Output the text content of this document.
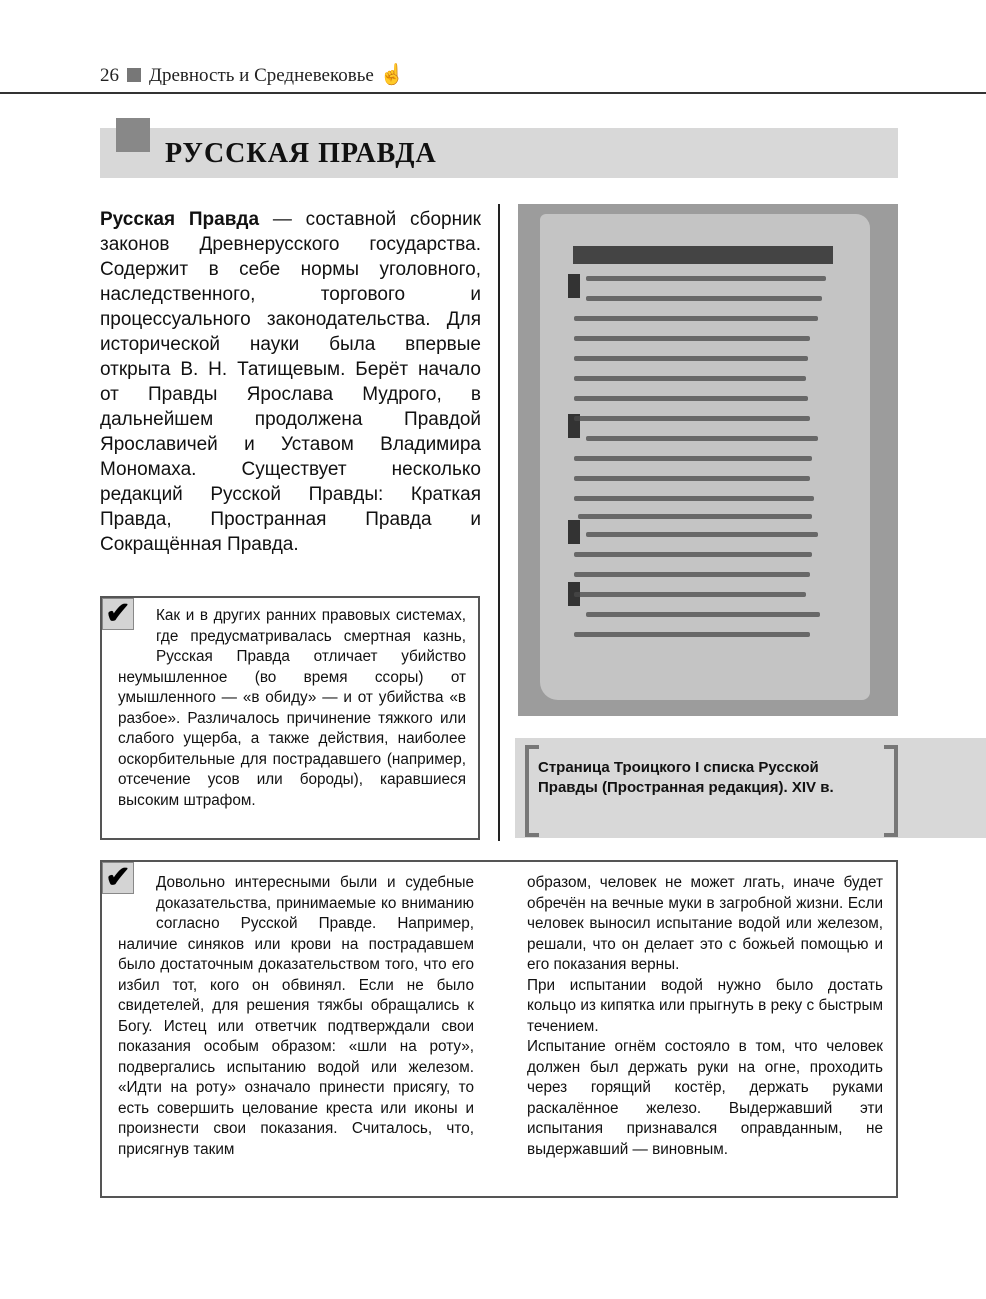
26 Древность и Средневековье ☝
РУССКАЯ ПРАВДА
Русская Правда — составной сборник законов Древнерусского государства. Содержит в себе нормы уголовного, наследственного, торгового и процессуального законодательства. Для исторической науки была впервые открыта В. Н. Татищевым. Берёт начало от Правды Ярослава Мудрого, в дальнейшем продолжена Правдой Ярославичей и Уставом Владимира Мономаха. Существует несколько редакций Русской Правды: Краткая Правда, Пространная Правда и Сокращённая Правда.
Страница Троицкого I списка Русской Правды (Пространная редакция). XIV в.
✔	Как и в других ранних правовых системах, где предусматривалась смертная казнь, Русская Правда отличает убийство неумышленное (во время ссоры) от умышленного — «в обиду» — и от убийства «в разбое». Различалось причинение тяжкого или слабого ущерба, а также действия, наиболее оскорбительные для пострадавшего (например, отсечение усов или бороды), каравшиеся высоким штрафом.
✔	Довольно интересными были и судебные доказательства, принимаемые ко вниманию согласно Русской Правде. Например, наличие синяков или крови на пострадавшем было достаточным доказательством того, что его избил тот, кого он обвинял. Если не было свидетелей, для решения тяжбы обращались к Богу. Истец или ответчик подтверждали свои показания особым образом: «шли на роту», подвергались испытанию водой или железом. «Идти на роту» означало принести присягу, то есть совершить целование креста или иконы и произнести свои показания. Считалось, что, присягнув таким

образом, человек не может лгать, иначе будет обречён на вечные муки в загробной жизни. Если человек выносил испытание водой или железом, решали, что он делает это с божьей помощью и его показания верны.

При испытании водой нужно было достать кольцо из кипятка или прыгнуть в реку с быстрым течением.

Испытание огнём состояло в том, что человек должен был держать руки на огне, проходить через горящий костёр, держать руками раскалённое железо. Выдержавший эти испытания признавался оправданным, не выдержавший — виновным.
